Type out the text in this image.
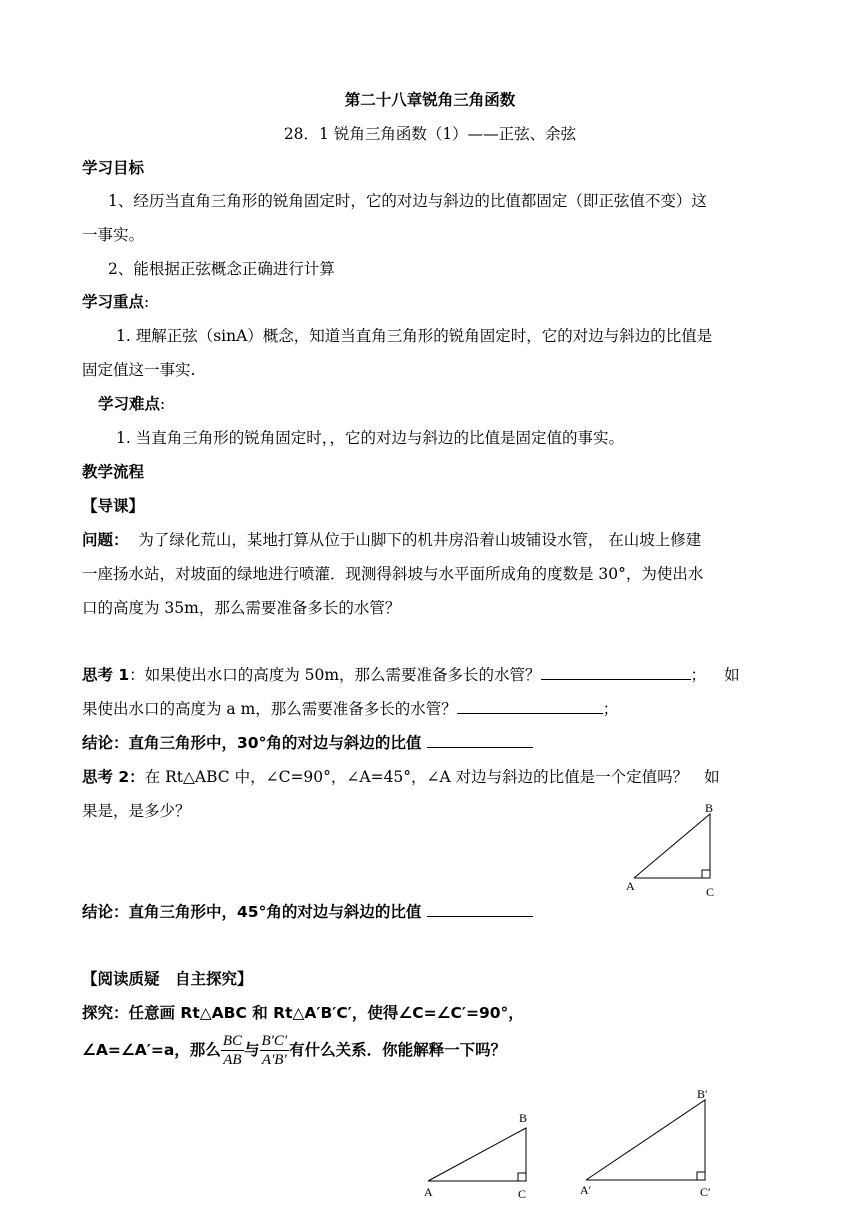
第二十八章锐角三角函数
28．1 锐角三角函数（1）——正弦、余弦
学习目标
1、经历当直角三角形的锐角固定时，它的对边与斜边的比值都固定（即正弦值不变）这
一事实。
2、能根据正弦概念正确进行计算
学习重点:
1. 理解正弦（sinA）概念，知道当直角三角形的锐角固定时，它的对边与斜边的比值是
固定值这一事实.
学习难点:
1. 当直角三角形的锐角固定时，，它的对边与斜边的比值是固定值的事实。
教学流程
【导课】
问题： 为了绿化荒山，某地打算从位于山脚下的机井房沿着山坡铺设水管， 在山坡上修建
一座扬水站，对坡面的绿地进行喷灌．现测得斜坡与水平面所成角的度数是 30°，为使出水
口的高度为 35m，那么需要准备多长的水管？
思考 1：如果使出水口的高度为 50m，那么需要准备多长的水管？	； 如
果使出水口的高度为 a m，那么需要准备多长的水管？	；
结论：直角三角形中，30°角的对边与斜边的比值
思考 2：在 Rt△ABC 中，∠C=90°，∠A=45°，∠A 对边与斜边的比值是一个定值吗？ 如
果是，是多少？	B
A	C
结论：直角三角形中，45°角的对边与斜边的比值
【阅读质疑　自主探究】
探究：任意画 Rt△ABC 和 Rt△A′B′C′，使得∠C=∠C′=90°，
∠A=∠A′=a，那么 $\frac{BC}{AB}$ 与 $\frac{B'C'}{A'B'}$ 有什么关系．你能解释一下吗？
B
A	C
B′
A′	C′
